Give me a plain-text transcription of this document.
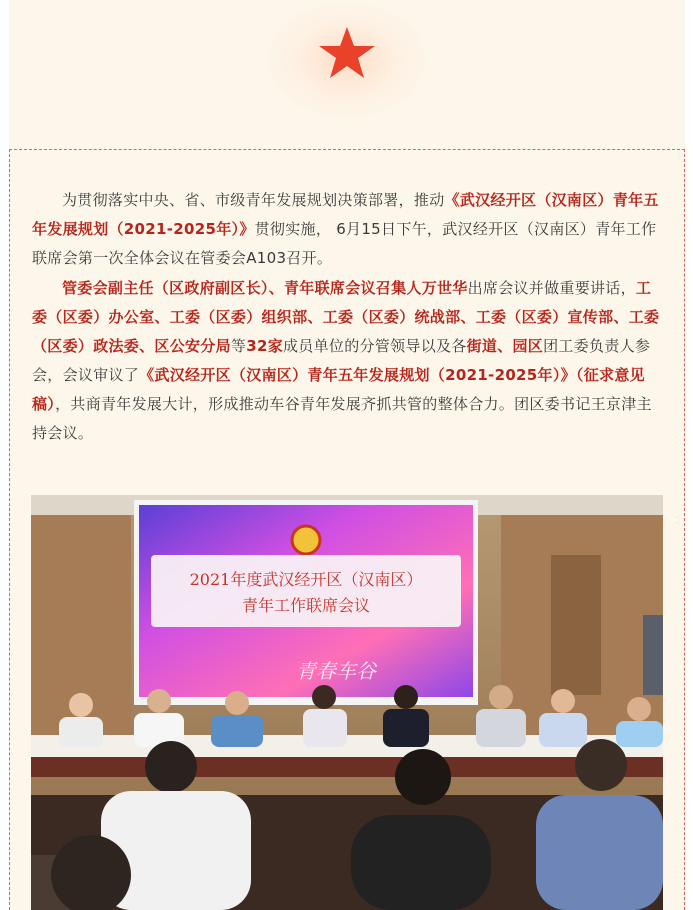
为贯彻落实中央、省、市级青年发展规划决策部署，推动《武汉经开区（汉南区）青年五年发展规划（2021-2025年）》贯彻实施， 6月15日下午，武汉经开区（汉南区）青年工作联席会第一次全体会议在管委会A103召开。

管委会副主任（区政府副区长）、青年联席会议召集人万世华出席会议并做重要讲话，工委（区委）办公室、工委（区委）组织部、工委（区委）统战部、工委（区委）宣传部、工委（区委）政法委、区公安分局等32家成员单位的分管领导以及各街道、园区团工委负责人参会，会议审议了《武汉经开区（汉南区）青年五年发展规划（2021-2025年）》（征求意见稿），共商青年发展大计，形成推动车谷青年发展齐抓共管的整体合力。团区委书记王京津主持会议。

2021年度武汉经开区（汉南区）
青年工作联席会议
青春车谷
